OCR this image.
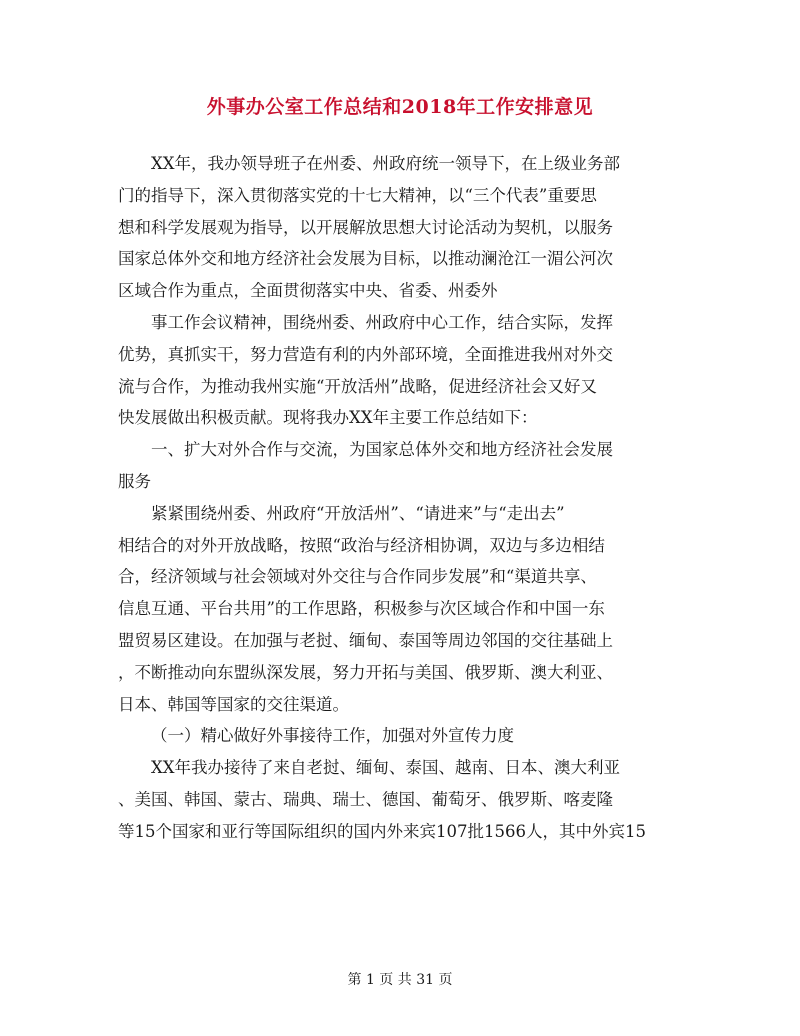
外事办公室工作总结和2018年工作安排意见
XX年，我办领导班子在州委、州政府统一领导下，在上级业务部
门的指导下，深入贯彻落实党的十七大精神，以“三个代表”重要思
想和科学发展观为指导，以开展解放思想大讨论活动为契机，以服务
国家总体外交和地方经济社会发展为目标，以推动澜沧江一湄公河次
区域合作为重点，全面贯彻落实中央、省委、州委外
事工作会议精神，围绕州委、州政府中心工作，结合实际，发挥
优势，真抓实干，努力营造有利的内外部环境，全面推进我州对外交
流与合作，为推动我州实施“开放活州”战略，促进经济社会又好又
快发展做出积极贡献。现将我办XX年主要工作总结如下：
一、扩大对外合作与交流，为国家总体外交和地方经济社会发展
服务
紧紧围绕州委、州政府“开放活州”、“请进来”与“走出去”
相结合的对外开放战略，按照“政治与经济相协调，双边与多边相结
合，经济领域与社会领域对外交往与合作同步发展”和“渠道共享、
信息互通、平台共用”的工作思路，积极参与次区域合作和中国一东
盟贸易区建设。在加强与老挝、缅甸、泰国等周边邻国的交往基础上
，不断推动向东盟纵深发展，努力开拓与美国、俄罗斯、澳大利亚、
日本、韩国等国家的交往渠道。
（一）精心做好外事接待工作，加强对外宣传力度
XX年我办接待了来自老挝、缅甸、泰国、越南、日本、澳大利亚
、美国、韩国、蒙古、瑞典、瑞士、德国、葡萄牙、俄罗斯、喀麦隆
等15个国家和亚行等国际组织的国内外来宾107批1566人，其中外宾15
第 1 页 共 31 页
